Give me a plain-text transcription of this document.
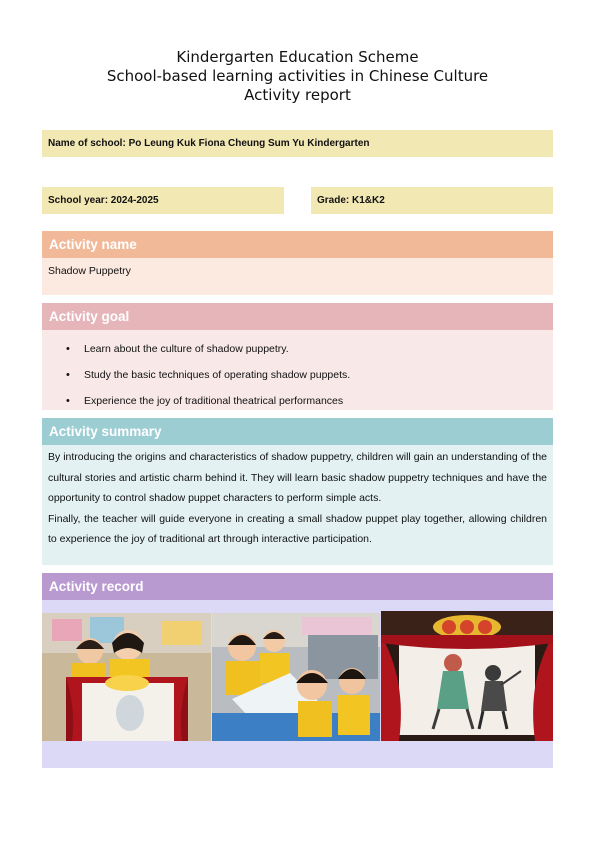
Kindergarten Education Scheme
School-based learning activities in Chinese Culture
Activity report
Name of school: Po Leung Kuk Fiona Cheung Sum Yu Kindergarten
School year: 2024-2025	Grade: K1&K2
Activity name
Shadow Puppetry
Activity goal
• Learn about the culture of shadow puppetry.
• Study the basic techniques of operating shadow puppets.
• Experience the joy of traditional theatrical performances
Activity summary

By introducing the origins and characteristics of shadow puppetry, children will gain an understanding of the cultural stories and artistic charm behind it. They will learn basic shadow puppetry techniques and have the opportunity to control shadow puppet characters to perform simple acts.

Finally, the teacher will guide everyone in creating a small shadow puppet play together, allowing children to experience the joy of traditional art through interactive participation.

Activity record
